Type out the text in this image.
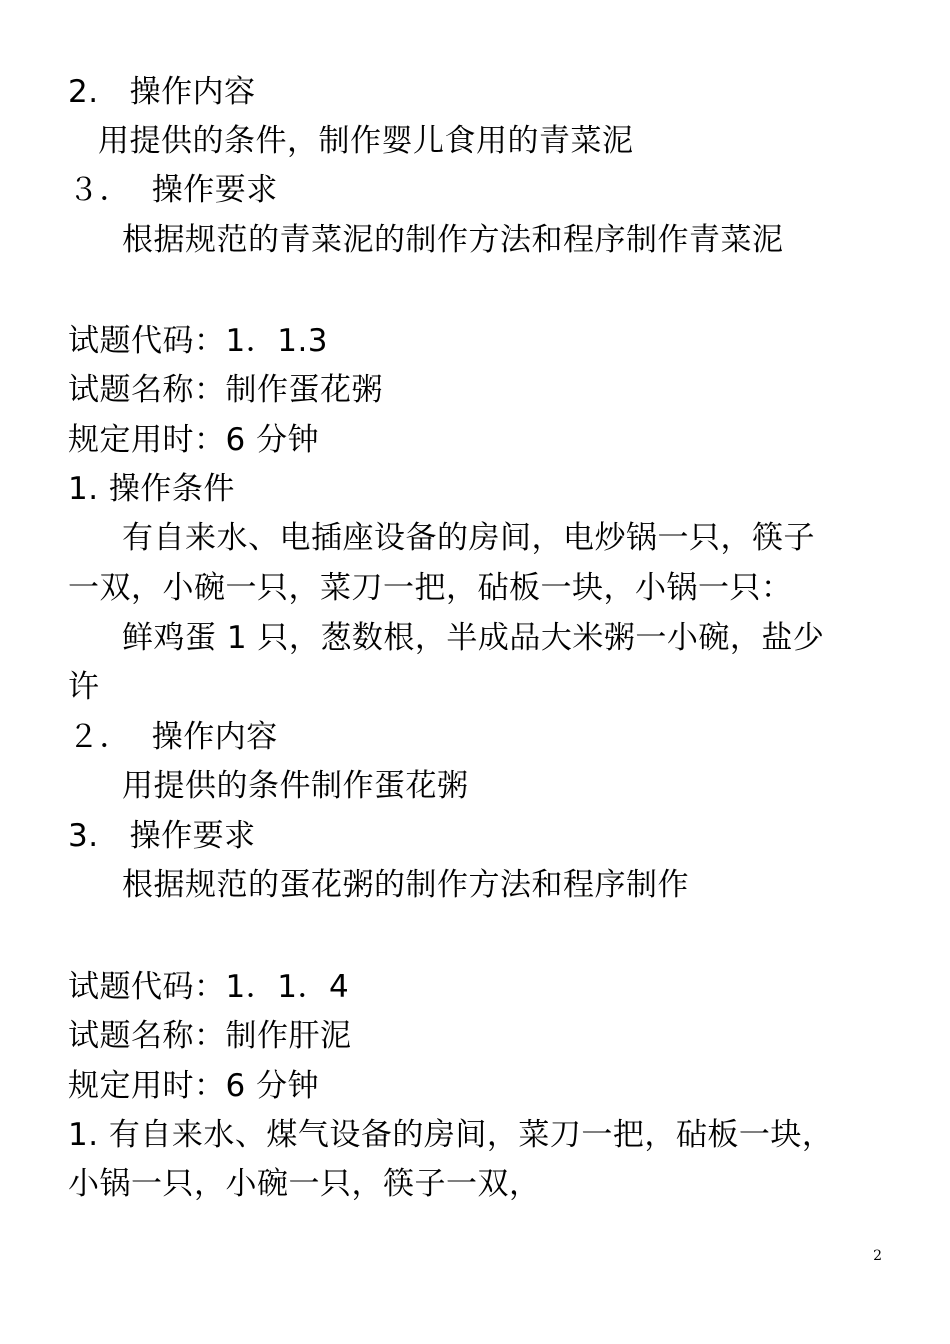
2.   操作内容
用提供的条件，制作婴儿食用的青菜泥
３．  操作要求
根据规范的青菜泥的制作方法和程序制作青菜泥
试题代码：1．1.3
试题名称：制作蛋花粥
规定用时：6 分钟
1. 操作条件
有自来水、电插座设备的房间，电炒锅一只，筷子
一双，小碗一只，菜刀一把，砧板一块，小锅一只：
鲜鸡蛋 1 只，葱数根，半成品大米粥一小碗，盐少
许
２．  操作内容
用提供的条件制作蛋花粥
3.   操作要求
根据规范的蛋花粥的制作方法和程序制作
试题代码：1．1．4
试题名称：制作肝泥
规定用时：6 分钟
1. 有自来水、煤气设备的房间，菜刀一把，砧板一块，
小锅一只，小碗一只，筷子一双，
2
